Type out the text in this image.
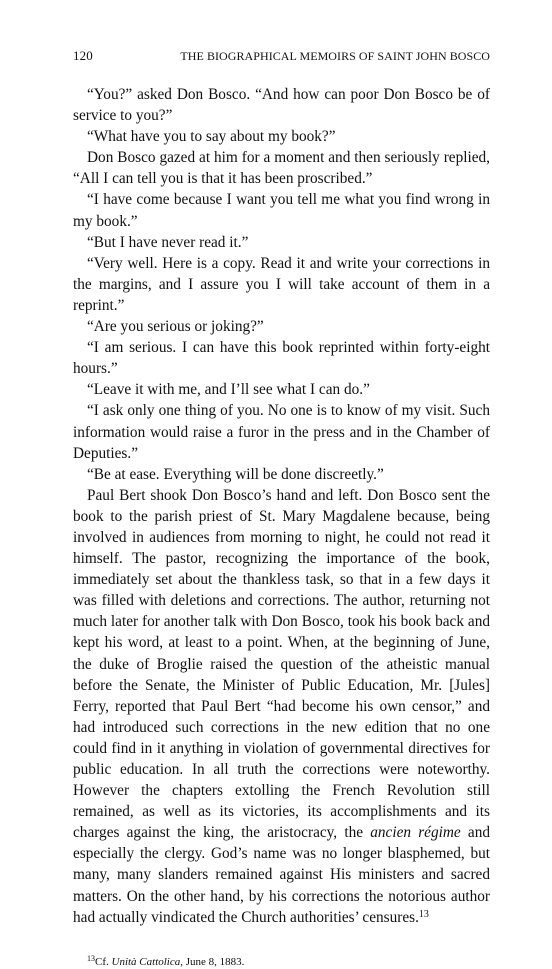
120	THE BIOGRAPHICAL MEMOIRS OF SAINT JOHN BOSCO

“You?” asked Don Bosco. “And how can poor Don Bosco be of service to you?”

“What have you to say about my book?”

Don Bosco gazed at him for a moment and then seriously replied, “All I can tell you is that it has been proscribed.”

“I have come because I want you tell me what you find wrong in my book.”

“But I have never read it.”

“Very well. Here is a copy. Read it and write your corrections in the margins, and I assure you I will take account of them in a reprint.”

“Are you serious or joking?”

“I am serious. I can have this book reprinted within forty-eight hours.”

“Leave it with me, and I’ll see what I can do.”

“I ask only one thing of you. No one is to know of my visit. Such information would raise a furor in the press and in the Chamber of Deputies.”

“Be at ease. Everything will be done discreetly.”

Paul Bert shook Don Bosco’s hand and left. Don Bosco sent the book to the parish priest of St. Mary Magdalene because, being involved in audiences from morning to night, he could not read it himself. The pastor, recognizing the importance of the book, immediately set about the thankless task, so that in a few days it was filled with deletions and corrections. The author, returning not much later for another talk with Don Bosco, took his book back and kept his word, at least to a point. When, at the beginning of June, the duke of Broglie raised the question of the atheistic manual before the Senate, the Minister of Public Education, Mr. [Jules] Ferry, reported that Paul Bert “had become his own censor,” and had introduced such corrections in the new edition that no one could find in it anything in violation of governmental directives for public education. In all truth the corrections were noteworthy. However the chapters extolling the French Revolution still remained, as well as its victories, its accomplishments and its charges against the king, the aristocracy, the ancien régime and especially the clergy. God’s name was no longer blasphemed, but many, many slanders remained against His ministers and sacred matters. On the other hand, by his corrections the notorious author had actually vindicated the Church authorities’ censures.$^{13}$

$^{13}$Cf. Unità Cattolica, June 8, 1883.
